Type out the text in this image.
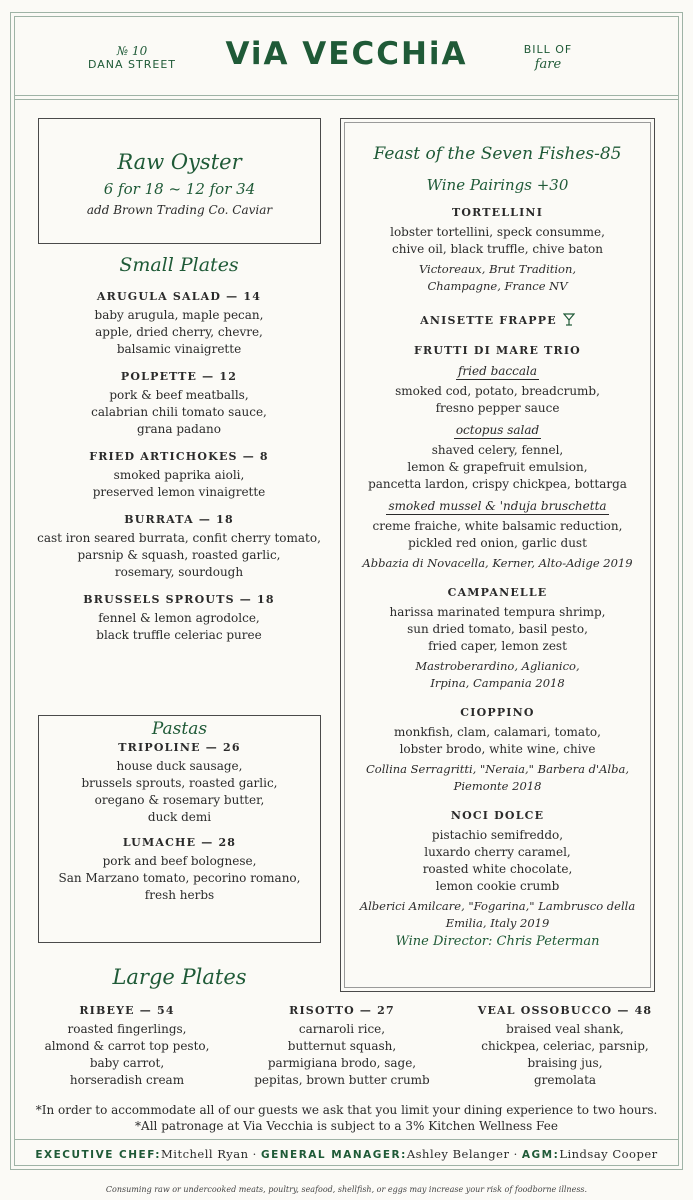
№ 10
DANA STREET	ViA VECCHiA	BILL OF
fare
Raw Oyster
6 for 18 ~ 12 for 34
add Brown Trading Co. Caviar
Small Plates
ARUGULA SALAD — 14
baby arugula, maple pecan,
apple, dried cherry, chevre,
balsamic vinaigrette
POLPETTE — 12
pork & beef meatballs,
calabrian chili tomato sauce,
grana padano
FRIED ARTICHOKES — 8
smoked paprika aioli,
preserved lemon vinaigrette
BURRATA — 18
cast iron seared burrata, confit cherry tomato,
parsnip & squash, roasted garlic,
rosemary, sourdough
BRUSSELS SPROUTS — 18
fennel & lemon agrodolce,
black truffle celeriac puree
Pastas
TRIPOLINE — 26
house duck sausage,
brussels sprouts, roasted garlic,
oregano & rosemary butter,
duck demi
LUMACHE — 28
pork and beef bolognese,
San Marzano tomato, pecorino romano,
fresh herbs
Feast of the Seven Fishes-85
Wine Pairings +30
TORTELLINI
lobster tortellini, speck consumme,
chive oil, black truffle, chive baton
Victoreaux, Brut Tradition,
Champagne, France NV
ANISETTE FRAPPE
FRUTTI DI MARE TRIO
fried baccala
smoked cod, potato, breadcrumb,
fresno pepper sauce
octopus salad
shaved celery, fennel,
lemon & grapefruit emulsion,
pancetta lardon, crispy chickpea, bottarga
smoked mussel & 'nduja bruschetta
creme fraiche, white balsamic reduction,
pickled red onion, garlic dust
Abbazia di Novacella, Kerner, Alto-Adige 2019
CAMPANELLE
harissa marinated tempura shrimp,
sun dried tomato, basil pesto,
fried caper, lemon zest
Mastroberardino, Aglianico,
Irpina, Campania 2018
CIOPPINO
monkfish, clam, calamari, tomato,
lobster brodo, white wine, chive
Collina Serragritti, "Neraia," Barbera d'Alba,
Piemonte 2018
NOCI DOLCE
pistachio semifreddo,
luxardo cherry caramel,
roasted white chocolate,
lemon cookie crumb
Alberici Amilcare, "Fogarina," Lambrusco della
Emilia, Italy 2019
Wine Director: Chris Peterman
Large Plates
RIBEYE — 54
roasted fingerlings,
almond & carrot top pesto,
baby carrot,
horseradish cream
RISOTTO — 27
carnaroli rice,
butternut squash,
parmigiana brodo, sage,
pepitas, brown butter crumb
VEAL OSSOBUCCO — 48
braised veal shank,
chickpea, celeriac, parsnip,
braising jus,
gremolata
*In order to accommodate all of our guests we ask that you limit your dining experience to two hours.
*All patronage at Via Vecchia is subject to a 3% Kitchen Wellness Fee
EXECUTIVE CHEF:Mitchell Ryan · GENERAL MANAGER:Ashley Belanger · AGM:Lindsay Cooper
Consuming raw or undercooked meats, poultry, seafood, shellfish, or eggs may increase your risk of foodborne illness.
